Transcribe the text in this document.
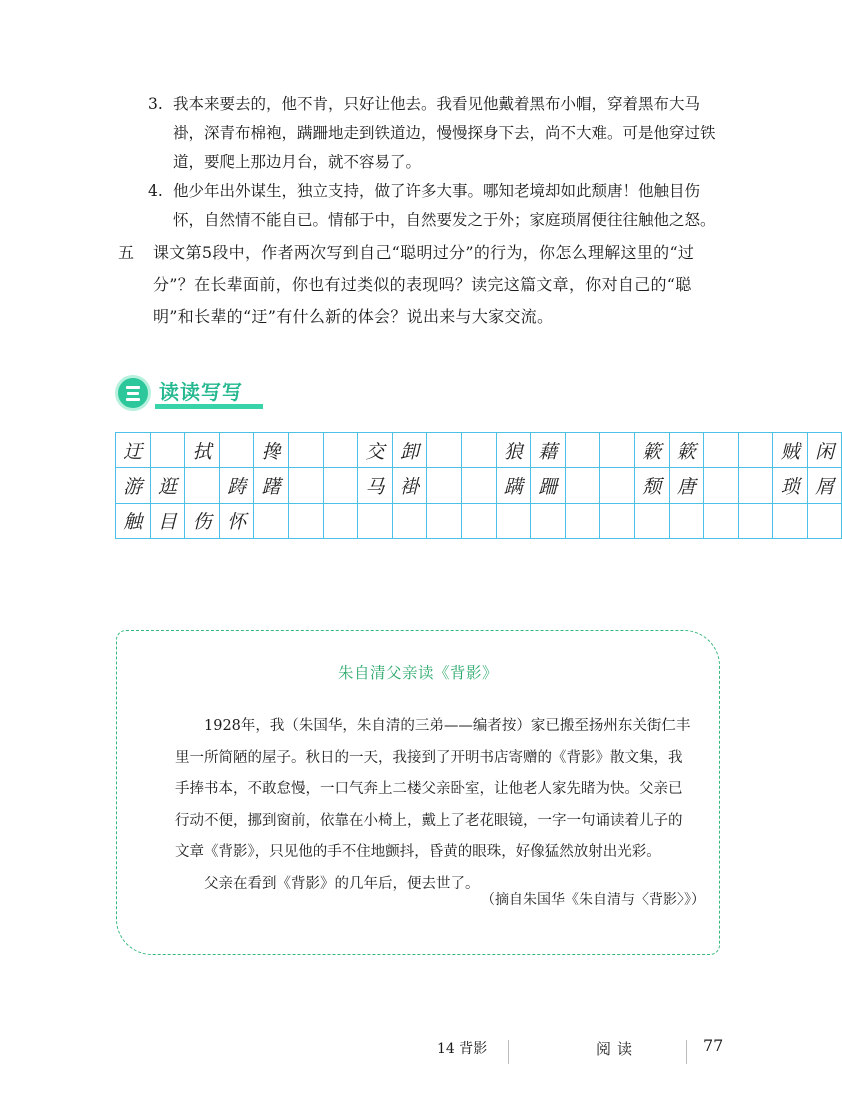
3. 我本来要去的，他不肯，只好让他去。我看见他戴着黑布小帽，穿着黑布大马褂，深青布棉袍，蹒跚地走到铁道边，慢慢探身下去，尚不大难。可是他穿过铁道，要爬上那边月台，就不容易了。
4. 他少年出外谋生，独立支持，做了许多大事。哪知老境却如此颓唐！他触目伤怀，自然情不能自已。情郁于中，自然要发之于外；家庭琐屑便往往触他之怒。
五 课文第5段中，作者两次写到自己“聪明过分”的行为，你怎么理解这里的“过分”？在长辈面前，你也有过类似的表现吗？读完这篇文章，你对自己的“聪明”和长辈的“迂”有什么新的体会？说出来与大家交流。
读读写写
迂		拭		搀			交	卸			狼	藉			簌	簌			贼	闲
游	逛		踌	躇			马	褂			蹒	跚			颓	唐			琐	屑
触	目	伤	怀																	
朱自清父亲读《背影》

1928年，我（朱国华，朱自清的三弟——编者按）家已搬至扬州东关街仁丰里一所简陋的屋子。秋日的一天，我接到了开明书店寄赠的《背影》散文集，我手捧书本，不敢怠慢，一口气奔上二楼父亲卧室，让他老人家先睹为快。父亲已行动不便，挪到窗前，依靠在小椅上，戴上了老花眼镜，一字一句诵读着儿子的文章《背影》，只见他的手不住地颤抖，昏黄的眼珠，好像猛然放射出光彩。

父亲在看到《背影》的几年后，便去世了。

（摘自朱国华《朱自清与〈背影〉》）
14 背影	阅读	77
